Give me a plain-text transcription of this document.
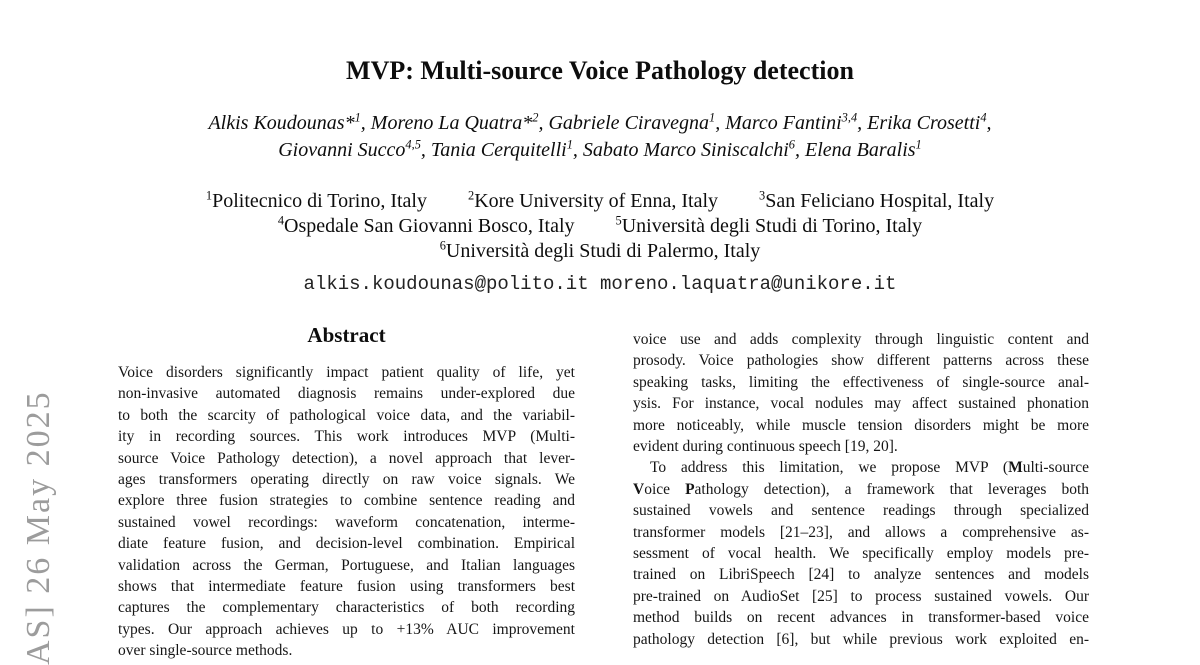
AS] 26 May 2025
MVP: Multi-source Voice Pathology detection
Alkis Koudounas*$^1$, Moreno La Quatra*$^2$, Gabriele Ciravegna$^1$, Marco Fantini$^{3,4}$, Erika Crosetti$^4$,
Giovanni Succo$^{4,5}$, Tania Cerquitelli$^1$, Sabato Marco Siniscalchi$^6$, Elena Baralis$^1$
$^1$Politecnico di Torino, Italy	$^2$Kore University of Enna, Italy	$^3$San Feliciano Hospital, Italy
$^4$Ospedale San Giovanni Bosco, Italy	$^5$Università degli Studi di Torino, Italy
$^6$Università degli Studi di Palermo, Italy
alkis.koudounas@polito.it moreno.laquatra@unikore.it
Abstract
Voice disorders significantly impact patient quality of life, yet
non-invasive automated diagnosis remains under-explored due
to both the scarcity of pathological voice data, and the variabil-
ity in recording sources. This work introduces MVP (Multi-
source Voice Pathology detection), a novel approach that lever-
ages transformers operating directly on raw voice signals. We
explore three fusion strategies to combine sentence reading and
sustained vowel recordings: waveform concatenation, interme-
diate feature fusion, and decision-level combination. Empirical
validation across the German, Portuguese, and Italian languages
shows that intermediate feature fusion using transformers best
captures the complementary characteristics of both recording
types. Our approach achieves up to +13% AUC improvement
over single-source methods.
voice use and adds complexity through linguistic content and
prosody. Voice pathologies show different patterns across these
speaking tasks, limiting the effectiveness of single-source anal-
ysis. For instance, vocal nodules may affect sustained phonation
more noticeably, while muscle tension disorders might be more
evident during continuous speech [19, 20].
To address this limitation, we propose MVP (Multi-source
Voice Pathology detection), a framework that leverages both
sustained vowels and sentence readings through specialized
transformer models [21–23], and allows a comprehensive as-
sessment of vocal health. We specifically employ models pre-
trained on LibriSpeech [24] to analyze sentences and models
pre-trained on AudioSet [25] to process sustained vowels. Our
method builds on recent advances in transformer-based voice
pathology detection [6], but while previous work exploited en-
